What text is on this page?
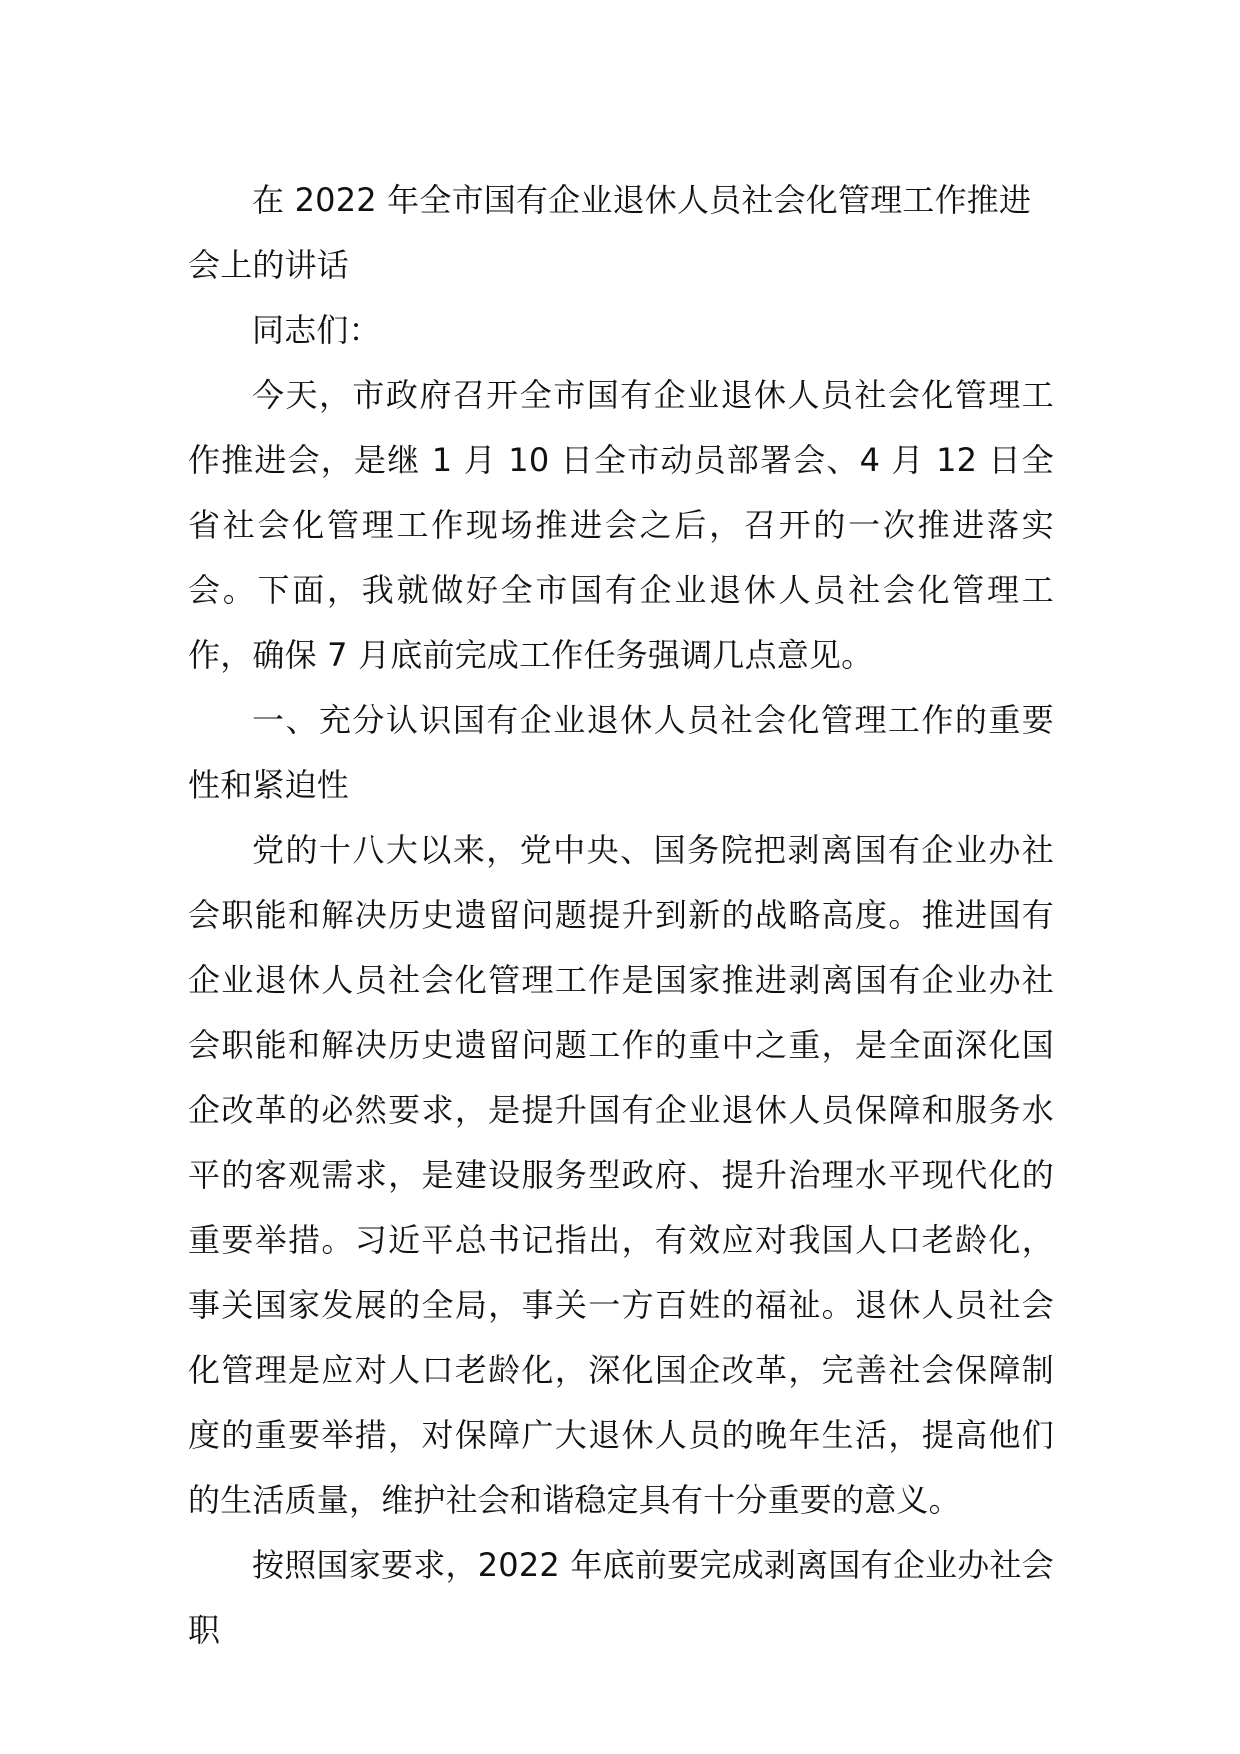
在 2022 年全市国有企业退休人员社会化管理工作推进会上的讲话

同志们：

今天，市政府召开全市国有企业退休人员社会化管理工作推进会，是继 1 月 10 日全市动员部署会、4 月 12 日全省社会化管理工作现场推进会之后，召开的一次推进落实会。下面，我就做好全市国有企业退休人员社会化管理工作，确保 7 月底前完成工作任务强调几点意见。

一、充分认识国有企业退休人员社会化管理工作的重要性和紧迫性

党的十八大以来，党中央、国务院把剥离国有企业办社会职能和解决历史遗留问题提升到新的战略高度。推进国有企业退休人员社会化管理工作是国家推进剥离国有企业办社会职能和解决历史遗留问题工作的重中之重，是全面深化国企改革的必然要求，是提升国有企业退休人员保障和服务水平的客观需求，是建设服务型政府、提升治理水平现代化的重要举措。习近平总书记指出，有效应对我国人口老龄化，事关国家发展的全局，事关一方百姓的福祉。退休人员社会化管理是应对人口老龄化，深化国企改革，完善社会保障制度的重要举措，对保障广大退休人员的晚年生活，提高他们的生活质量，维护社会和谐稳定具有十分重要的意义。

按照国家要求，2022 年底前要完成剥离国有企业办社会职
